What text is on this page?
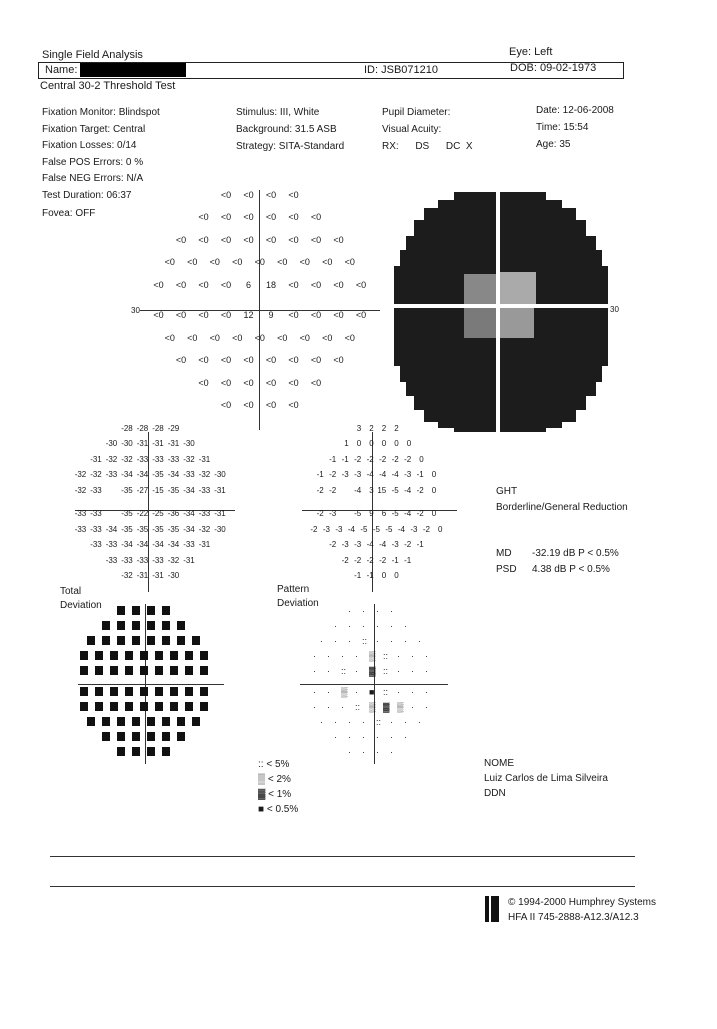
Single Field Analysis	Eye: Left
Name:	ID: JSB071210	DOB: 09-02-1973
Central 30-2 Threshold Test
Fixation Monitor: Blindspot
Fixation Target: Central
Fixation Losses: 0/14
False POS Errors: 0 %
False NEG Errors: N/A
Test Duration: 06:37
Fovea: OFF
Stimulus: III, White
Background: 31.5 ASB
Strategy: SITA-Standard
Pupil Diameter:
Visual Acuity:
RX:      DS      DC  X
Date: 12-06-2008
Time: 15:54
Age: 35
<0	<0	<0	<0
<0	<0	<0	<0	<0	<0
<0	<0	<0	<0	<0	<0	<0	<0
<0	<0	<0	<0	<0	<0	<0	<0	<0
<0	<0	<0	<0	6	18	<0	<0	<0	<0
<0	<0	<0	<0	12	9	<0	<0	<0	<0
<0	<0	<0	<0	<0	<0	<0	<0	<0
<0	<0	<0	<0	<0	<0	<0	<0
<0	<0	<0	<0	<0	<0
<0	<0	<0	<0
30	30
-28 -28 -28 -29
-30 -30 -31 -31 -31 -30
-31 -32 -32 -33 -33 -33 -32 -31
-32 -32 -33 -34 -34 -35 -34 -33 -32 -30
-32 -33	-35 -27 -15 -35 -34 -33 -31
-33 -33	-35 -22 -25 -36 -34 -33 -31
-33 -33 -34 -35 -35 -35 -35 -34 -32 -30
-33 -33 -34 -34 -34 -34 -33 -31
-33 -33 -33 -33 -32 -31
-32 -31 -31 -30
3	2	2	2
1	0	0	0	0	0
-1 -1 -2 -2 -2 -2 -2	0
-1 -2 -3 -3 -4 -4 -4 -3 -1	0
-2 -2	-4	3 15 -5 -4 -2	0
-2 -3	-5	9	6 -5 -4 -2	0
-2 -3 -3 -4 -5 -5 -5 -4 -3 -2	0
-2 -3 -3 -4 -4 -3 -2 -1
-2 -2 -2 -2 -1 -1
-1 -1	0	0
Total
Deviation
Pattern
Deviation
· · · ·
· · · · · ·
· · · :: · · · ·
· · · · ▒ :: · · ·
· · :: · ▓ :: · · ·
· · ▒ · ■ :: · · ·
· · · :: ▒ ▓ ▒ · ·
· · · · :: · · ·
· · · · · ·
· · · ·
GHT
Borderline/General Reduction
MD -32.19 dB P < 0.5%
PSD 4.38 dB P < 0.5%
:: < 5%
▒ < 2%
▓ < 1%
■ < 0.5%
NOME
Luiz Carlos de Lima Silveira
DDN
© 1994-2000 Humphrey Systems
HFA II 745-2888-A12.3/A12.3
